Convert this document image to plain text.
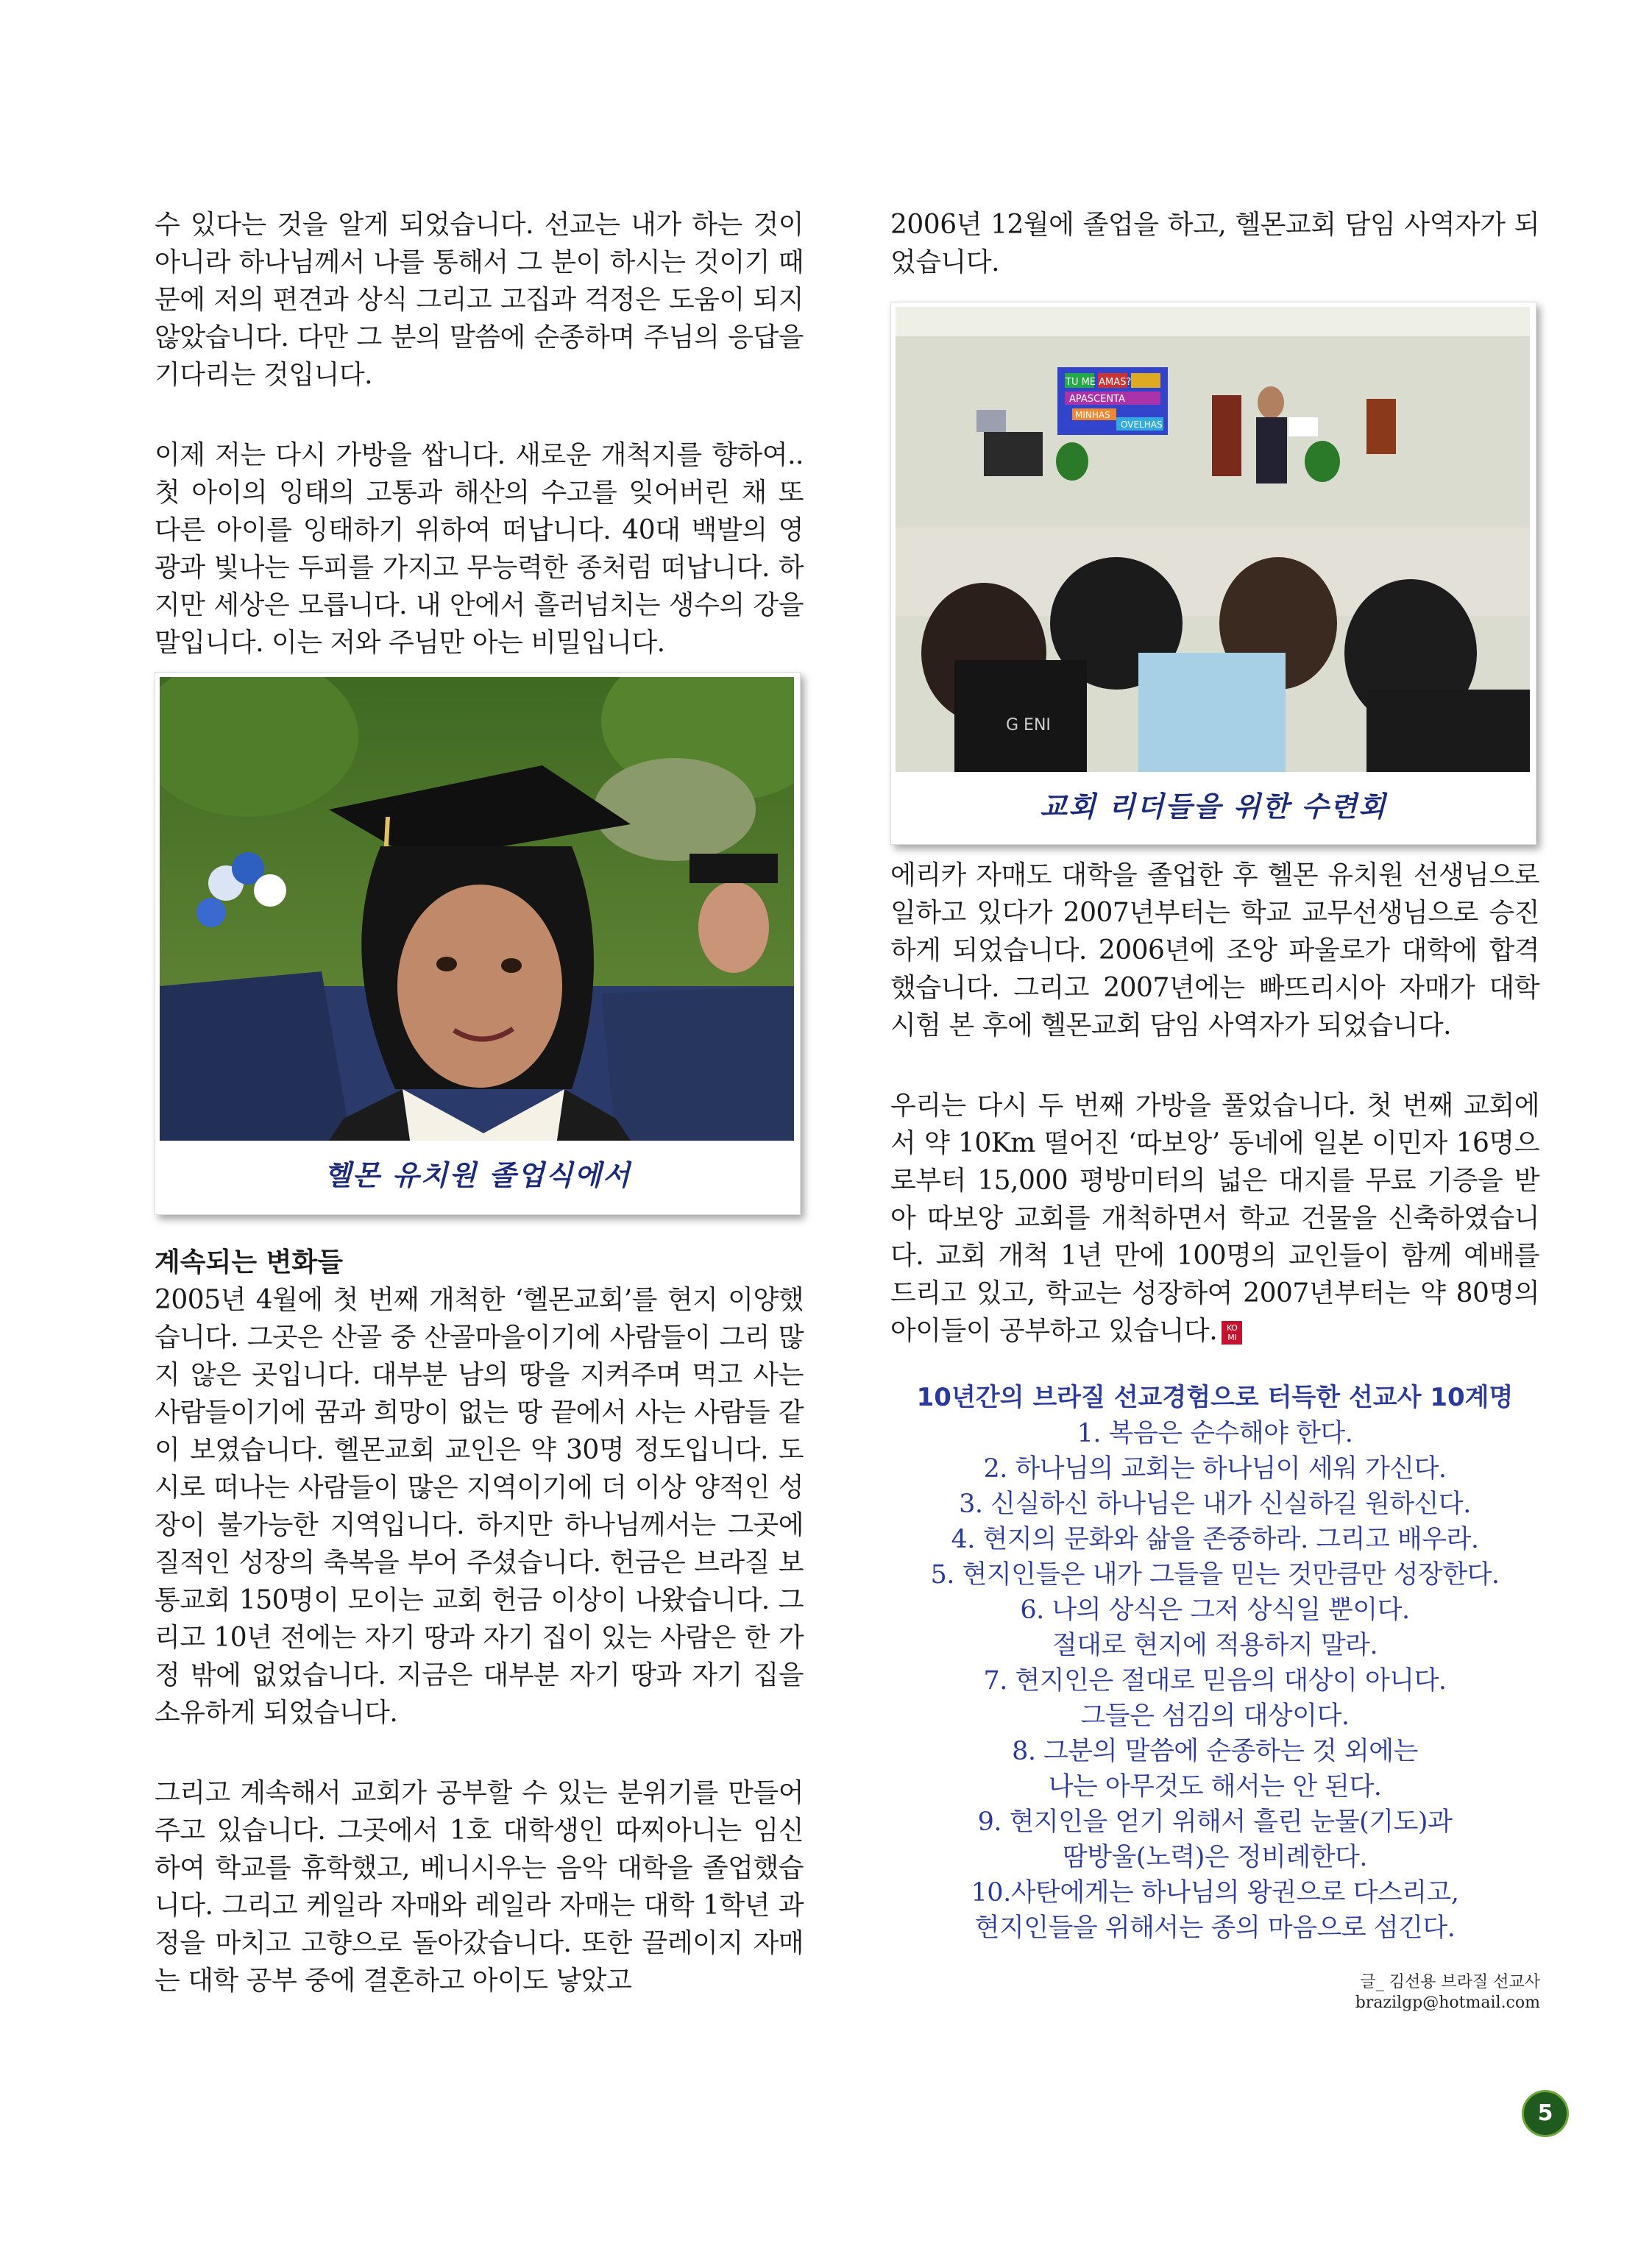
수 있다는 것을 알게 되었습니다. 선교는 내가 하는 것이 아니라 하나님께서 나를 통해서 그 분이 하시는 것이기 때문에 저의 편견과 상식 그리고 고집과 걱정은 도움이 되지 않았습니다. 다만 그 분의 말씀에 순종하며 주님의 응답을 기다리는 것입니다.

이제 저는 다시 가방을 쌉니다. 새로운 개척지를 향하여.. 첫 아이의 잉태의 고통과 해산의 수고를 잊어버린 채 또 다른 아이를 잉태하기 위하여 떠납니다. 40대 백발의 영광과 빛나는 두피를 가지고 무능력한 종처럼 떠납니다. 하지만 세상은 모릅니다. 내 안에서 흘러넘치는 생수의 강을 말입니다. 이는 저와 주님만 아는 비밀입니다.

헬몬 유치원 졸업식에서

계속되는 변화들

2005년 4월에 첫 번째 개척한 ‘헬몬교회’를 현지 이양했습니다. 그곳은 산골 중 산골마을이기에 사람들이 그리 많지 않은 곳입니다. 대부분 남의 땅을 지켜주며 먹고 사는 사람들이기에 꿈과 희망이 없는 땅 끝에서 사는 사람들 같이 보였습니다. 헬몬교회 교인은 약 30명 정도입니다. 도시로 떠나는 사람들이 많은 지역이기에 더 이상 양적인 성장이 불가능한 지역입니다. 하지만 하나님께서는 그곳에 질적인 성장의 축복을 부어 주셨습니다. 헌금은 브라질 보통교회 150명이 모이는 교회 헌금 이상이 나왔습니다. 그리고 10년 전에는 자기 땅과 자기 집이 있는 사람은 한 가정 밖에 없었습니다. 지금은 대부분 자기 땅과 자기 집을 소유하게 되었습니다.

그리고 계속해서 교회가 공부할 수 있는 분위기를 만들어 주고 있습니다. 그곳에서 1호 대학생인 따찌아니는 임신하여 학교를 휴학했고, 베니시우는 음악 대학을 졸업했습니다. 그리고 케일라 자매와 레일라 자매는 대학 1학년 과정을 마치고 고향으로 돌아갔습니다. 또한 끌레이지 자매는 대학 공부 중에 결혼하고 아이도 낳았고

2006년 12월에 졸업을 하고, 헬몬교회 담임 사역자가 되었습니다.

TU ME AMAS?
APASCENTA
MINHAS
OVELHAS
G ENI
교회 리더들을 위한 수련회

에리카 자매도 대학을 졸업한 후 헬몬 유치원 선생님으로 일하고 있다가 2007년부터는 학교 교무선생님으로 승진하게 되었습니다. 2006년에 조앙 파울로가 대학에 합격했습니다. 그리고 2007년에는 빠뜨리시아 자매가 대학 시험 본 후에 헬몬교회 담임 사역자가 되었습니다.

우리는 다시 두 번째 가방을 풀었습니다. 첫 번째 교회에서 약 10Km 떨어진 ‘따보앙’ 동네에 일본 이민자 16명으로부터 15,000 평방미터의 넓은 대지를 무료 기증을 받아 따보앙 교회를 개척하면서 학교 건물을 신축하였습니다. 교회 개척 1년 만에 100명의 교인들이 함께 예배를 드리고 있고, 학교는 성장하여 2007년부터는 약 80명의 아이들이 공부하고 있습니다. KO
MI

10년간의 브라질 선교경험으로 터득한 선교사 10계명

1. 복음은 순수해야 한다.

2. 하나님의 교회는 하나님이 세워 가신다.

3. 신실하신 하나님은 내가 신실하길 원하신다.

4. 현지의 문화와 삶을 존중하라. 그리고 배우라.

5. 현지인들은 내가 그들을 믿는 것만큼만 성장한다.

6. 나의 상식은 그저 상식일 뿐이다.

절대로 현지에 적용하지 말라.

7. 현지인은 절대로 믿음의 대상이 아니다.

그들은 섬김의 대상이다.

8. 그분의 말씀에 순종하는 것 외에는

나는 아무것도 해서는 안 된다.

9. 현지인을 얻기 위해서 흘린 눈물(기도)과

땀방울(노력)은 정비례한다.

10.사탄에게는 하나님의 왕권으로 다스리고,

현지인들을 위해서는 종의 마음으로 섬긴다.

글_ 김선용 브라질 선교사
brazilgp@hotmail.com
5
